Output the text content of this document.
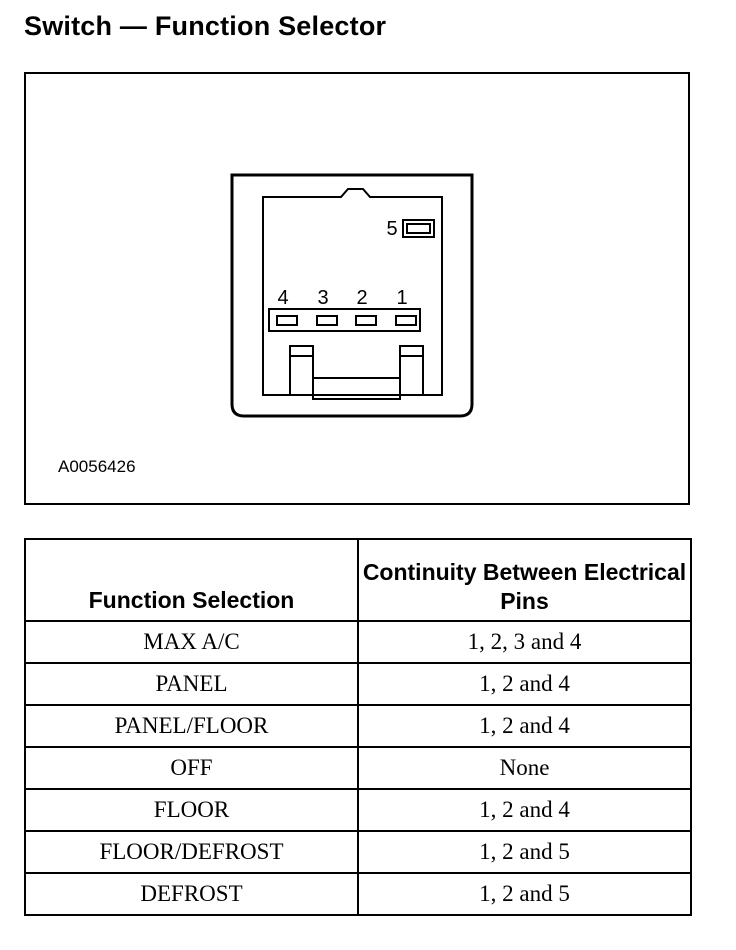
Switch — Function Selector
5
4 3 2 1
A0056426
Function Selection	Continuity Between Electrical Pins
MAX A/C	1, 2, 3 and 4
PANEL	1, 2 and 4
PANEL/FLOOR	1, 2 and 4
OFF	None
FLOOR	1, 2 and 4
FLOOR/DEFROST	1, 2 and 5
DEFROST	1, 2 and 5
